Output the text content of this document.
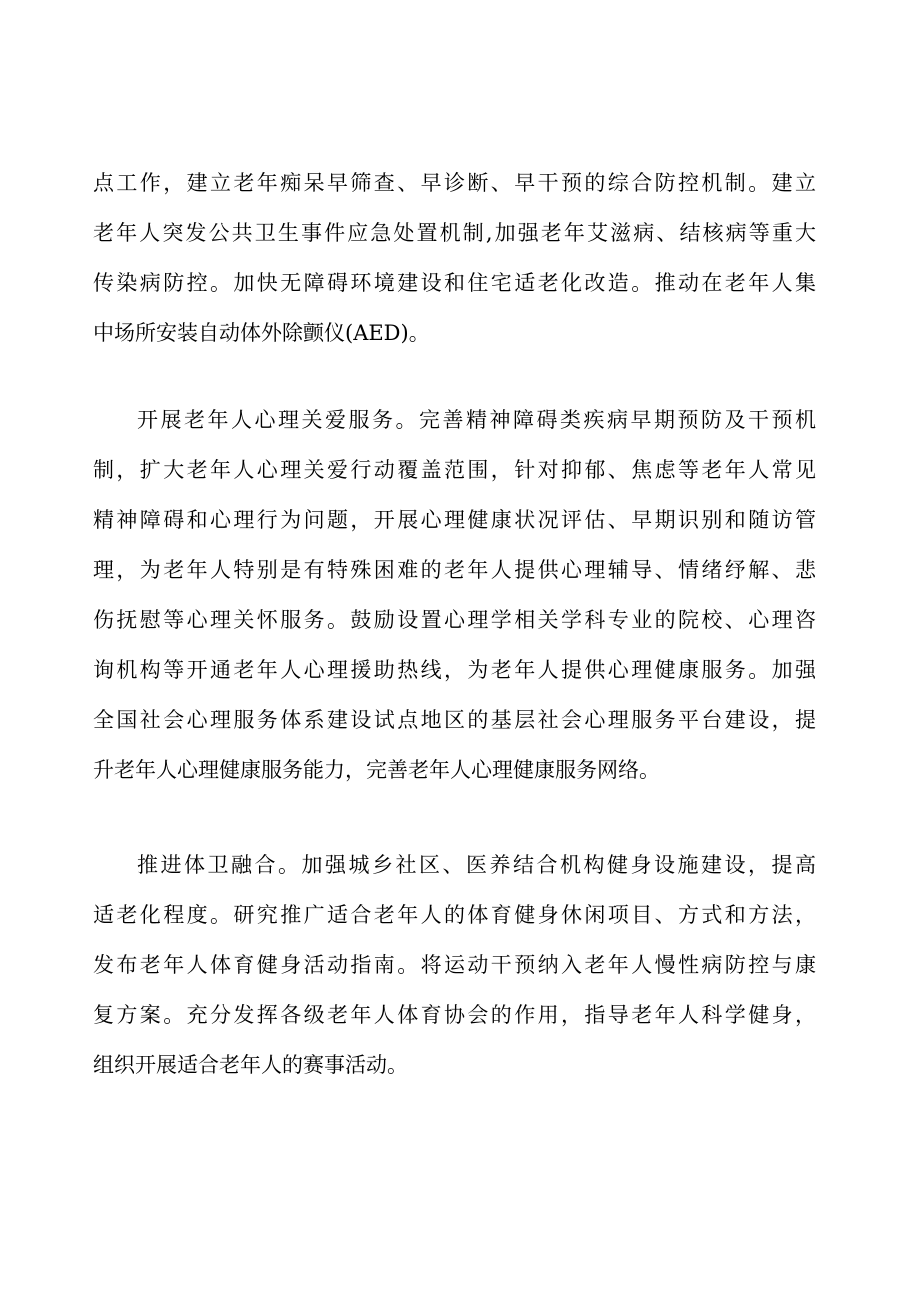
点工作，建立老年痴呆早筛查、早诊断、早干预的综合防控机制。建立
老年人突发公共卫生事件应急处置机制,加强老年艾滋病、结核病等重大
传染病防控。加快无障碍环境建设和住宅适老化改造。推动在老年人集
中场所安装自动体外除颤仪(AED)。
开展老年人心理关爱服务。完善精神障碍类疾病早期预防及干预机
制，扩大老年人心理关爱行动覆盖范围，针对抑郁、焦虑等老年人常见
精神障碍和心理行为问题，开展心理健康状况评估、早期识别和随访管
理，为老年人特别是有特殊困难的老年人提供心理辅导、情绪纾解、悲
伤抚慰等心理关怀服务。鼓励设置心理学相关学科专业的院校、心理咨
询机构等开通老年人心理援助热线，为老年人提供心理健康服务。加强
全国社会心理服务体系建设试点地区的基层社会心理服务平台建设，提
升老年人心理健康服务能力，完善老年人心理健康服务网络。
推进体卫融合。加强城乡社区、医养结合机构健身设施建设，提高
适老化程度。研究推广适合老年人的体育健身休闲项目、方式和方法，
发布老年人体育健身活动指南。将运动干预纳入老年人慢性病防控与康
复方案。充分发挥各级老年人体育协会的作用，指导老年人科学健身，
组织开展适合老年人的赛事活动。
